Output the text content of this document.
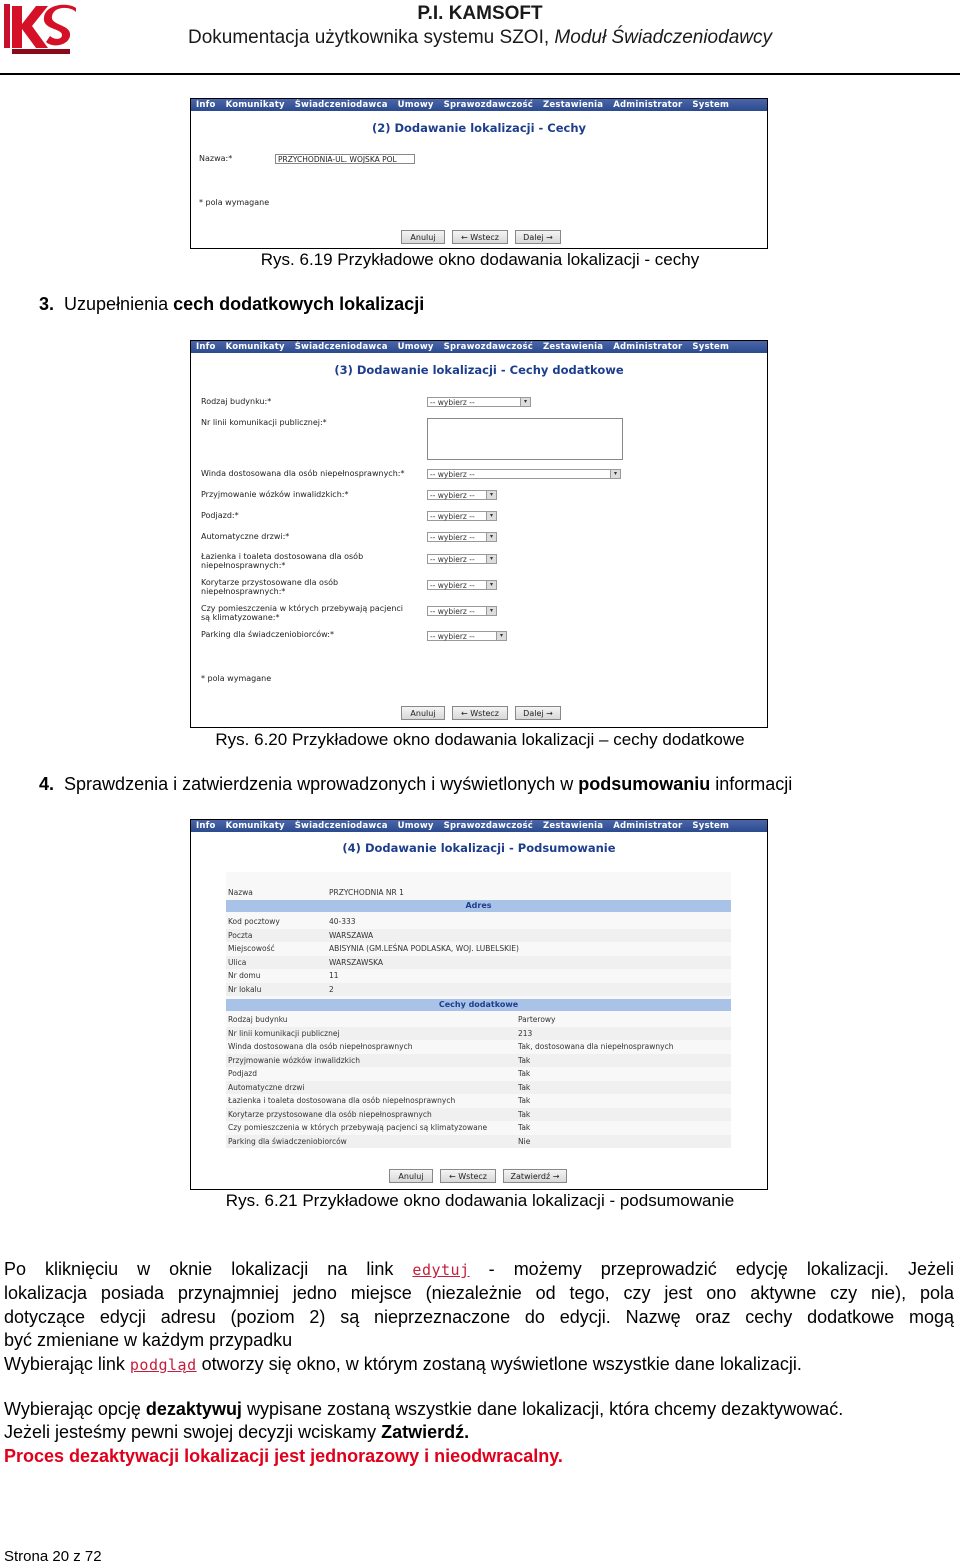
P.I. KAMSOFT
Dokumentacja użytkownika systemu SZOI, Moduł Świadczeniodawcy
Info	Komunikaty	Świadczeniodawca	Umowy	Sprawozdawczość	Zestawienia	Administrator	System
(2) Dodawanie lokalizacji - Cechy
Nazwa:*	PRZYCHODNIA-UL. WOJSKA POL
* pola wymagane
Anuluj	← Wstecz	Dalej →
Rys. 6.19 Przykładowe okno dodawania lokalizacji - cechy
3. Uzupełnienia cech dodatkowych lokalizacji
Info	Komunikaty	Świadczeniodawca	Umowy	Sprawozdawczość	Zestawienia	Administrator	System
(3) Dodawanie lokalizacji - Cechy dodatkowe
Rodzaj budynku:*	-- wybierz --	▾
Nr linii komunikacji publicznej:*
Winda dostosowana dla osób niepełnosprawnych:*	-- wybierz --	▾
Przyjmowanie wózków inwalidzkich:*	-- wybierz --	▾
Podjazd:*	-- wybierz --	▾
Automatyczne drzwi:*	-- wybierz --	▾
Łazienka i toaleta dostosowana dla osób
niepełnosprawnych:*
-- wybierz --	▾
Korytarze przystosowane dla osób
niepełnosprawnych:*
-- wybierz --	▾
Czy pomieszczenia w których przebywają pacjenci
są klimatyzowane:*
-- wybierz --	▾
Parking dla świadczeniobiorców:*	-- wybierz --	▾
* pola wymagane
Anuluj	← Wstecz	Dalej →
Rys. 6.20 Przykładowe okno dodawania lokalizacji – cechy dodatkowe
4. Sprawdzenia i zatwierdzenia wprowadzonych i wyświetlonych w podsumowaniu informacji
Info	Komunikaty	Świadczeniodawca	Umowy	Sprawozdawczość	Zestawienia	Administrator	System
(4) Dodawanie lokalizacji - Podsumowanie
Nazwa	PRZYCHODNIA NR 1
Adres
Kod pocztowy	40-333
Poczta	WARSZAWA
Miejscowość	ABISYNIA (GM.LEŚNA PODLASKA, WOJ. LUBELSKIE)
Ulica	WARSZAWSKA
Nr domu	11
Nr lokalu	2
Cechy dodatkowe
Rodzaj budynku	Parterowy
Nr linii komunikacji publicznej	213
Winda dostosowana dla osób niepełnosprawnych	Tak, dostosowana dla niepełnosprawnych
Przyjmowanie wózków inwalidzkich	Tak
Podjazd	Tak
Automatyczne drzwi	Tak
Łazienka i toaleta dostosowana dla osób niepełnosprawnych	Tak
Korytarze przystosowane dla osób niepełnosprawnych	Tak
Czy pomieszczenia w których przebywają pacjenci są klimatyzowane	Tak
Parking dla świadczeniobiorców	Nie
Anuluj	← Wstecz	Zatwierdź →
Rys. 6.21 Przykładowe okno dodawania lokalizacji - podsumowanie
Po kliknięciu w oknie lokalizacji na link edytuj - możemy przeprowadzić edycję lokalizacji. Jeżeli
lokalizacja posiada przynajmniej jedno miejsce (niezależnie od tego, czy jest ono aktywne czy nie), pola
dotyczące edycji adresu (poziom 2) są nieprzeznaczone do edycji. Nazwę oraz cechy dodatkowe mogą
być zmieniane w każdym przypadku
Wybierając link podgląd otworzy się okno, w którym zostaną wyświetlone wszystkie dane lokalizacji.
Wybierając opcję dezaktywuj wypisane zostaną wszystkie dane lokalizacji, która chcemy dezaktywować.
Jeżeli jesteśmy pewni swojej decyzji wciskamy Zatwierdź.
Proces dezaktywacji lokalizacji jest jednorazowy i nieodwracalny.
Strona 20 z 72
